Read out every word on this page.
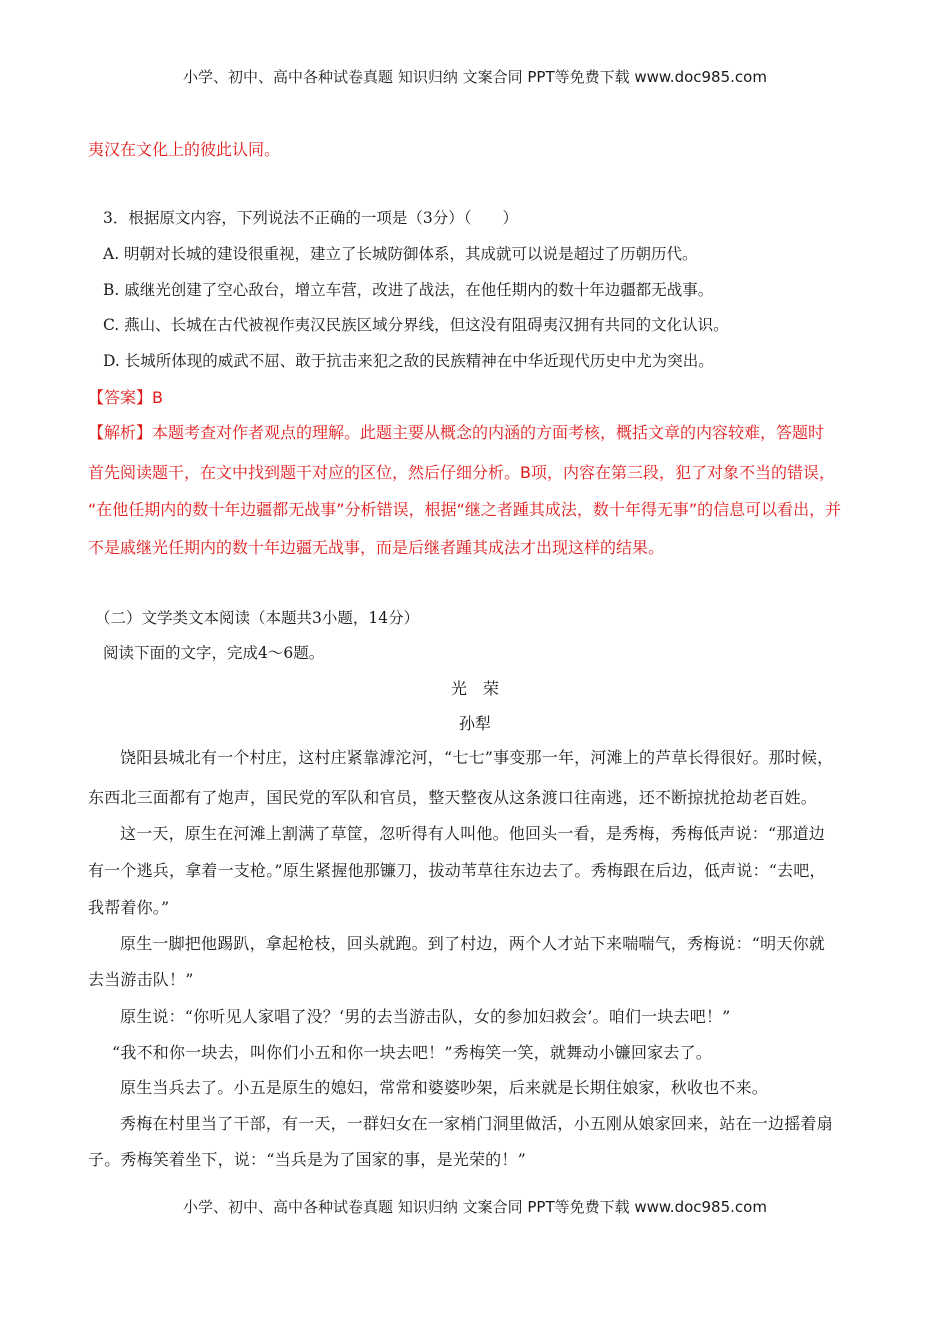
小学、初中、高中各种试卷真题 知识归纳 文案合同 PPT等免费下载 www.doc985.com
夷汉在文化上的彼此认同。
3．根据原文内容，下列说法不正确的一项是（3分）（　　）
A. 明朝对长城的建设很重视，建立了长城防御体系，其成就可以说是超过了历朝历代。
B. 戚继光创建了空心敌台，增立车营，改进了战法，在他任期内的数十年边疆都无战事。
C. 燕山、长城在古代被视作夷汉民族区域分界线，但这没有阻碍夷汉拥有共同的文化认识。
D. 长城所体现的威武不屈、敢于抗击来犯之敌的民族精神在中华近现代历史中尤为突出。
【答案】B
【解析】本题考查对作者观点的理解。此题主要从概念的内涵的方面考核，概括文章的内容较难，答题时
首先阅读题干，在文中找到题干对应的区位，然后仔细分析。B项，内容在第三段，犯了对象不当的错误，
“在他任期内的数十年边疆都无战事”分析错误，根据“继之者踵其成法，数十年得无事”的信息可以看出，并
不是戚继光任期内的数十年边疆无战事，而是后继者踵其成法才出现这样的结果。
（二）文学类文本阅读（本题共3小题，14分）
阅读下面的文字，完成4～6题。
光　荣
孙犁
饶阳县城北有一个村庄，这村庄紧靠滹沱河，“七七”事变那一年，河滩上的芦草长得很好。那时候，
东西北三面都有了炮声，国民党的军队和官员，整天整夜从这条渡口往南逃，还不断掠扰抢劫老百姓。
这一天，原生在河滩上割满了草筐，忽听得有人叫他。他回头一看，是秀梅，秀梅低声说：“那道边
有一个逃兵，拿着一支枪。”原生紧握他那镰刀，拔动苇草往东边去了。秀梅跟在后边，低声说：“去吧，
我帮着你。”
原生一脚把他踢趴，拿起枪枝，回头就跑。到了村边，两个人才站下来喘喘气，秀梅说：“明天你就
去当游击队！”
原生说：“你听见人家唱了没？‘男的去当游击队，女的参加妇救会’。咱们一块去吧！”
“我不和你一块去，叫你们小五和你一块去吧！”秀梅笑一笑，就舞动小镰回家去了。
原生当兵去了。小五是原生的媳妇，常常和婆婆吵架，后来就是长期住娘家，秋收也不来。
秀梅在村里当了干部，有一天，一群妇女在一家梢门洞里做活，小五刚从娘家回来，站在一边摇着扇
子。秀梅笑着坐下，说：“当兵是为了国家的事，是光荣的！”
小学、初中、高中各种试卷真题 知识归纳 文案合同 PPT等免费下载 www.doc985.com
